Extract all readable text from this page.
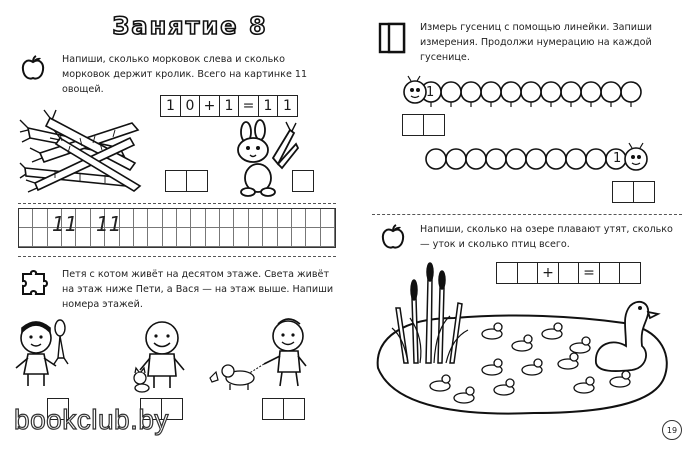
Занятие 8
Напиши, сколько морковок слева и сколько морковок держит кролик. Всего на картинке 11 овощей.
1 0 + 1 = 1 1
11 11
Петя с котом живёт на десятом этаже. Света живёт на этаж ниже Пети, а Вася — на этаж выше. Напиши номера этажей.
bookclub.by
Измерь гусениц с помощью линейки. Запиши измерения. Продолжи нумерацию на каждой гусенице.
1
1
Напиши, сколько на озере плавают утят, сколько — уток и сколько птиц всего.
+	=
19
